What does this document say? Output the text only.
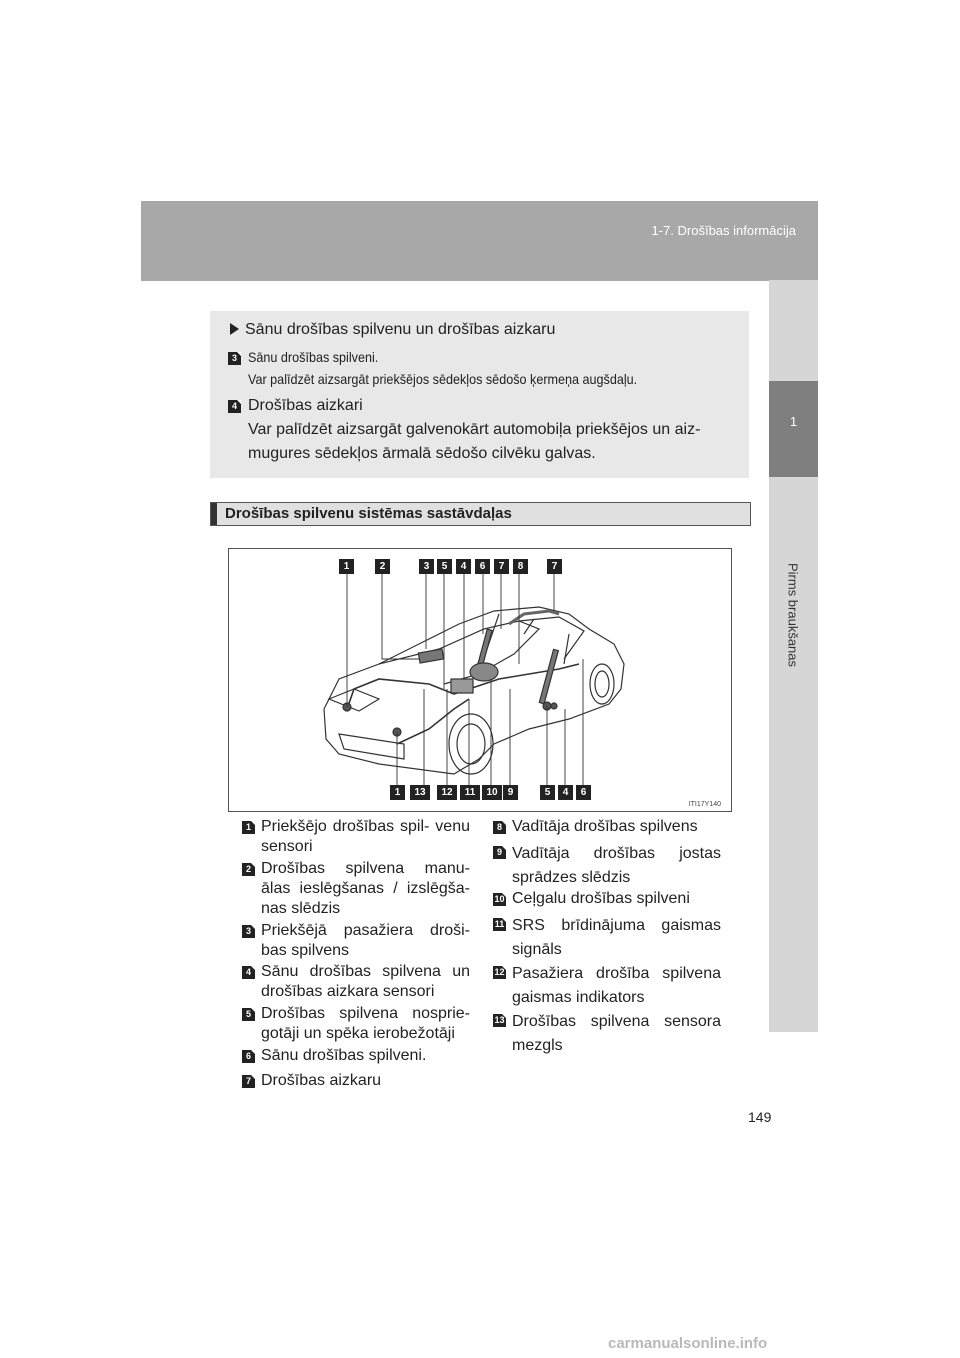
1-7. Drošības informācija
1
Pirms braukšanas
Sānu drošības spilvenu un drošības aizkaru
3 Sānu drošības spilveni.
Var palīdzēt aizsargāt priekšējos sēdekļos sēdošo ķermeņa augšdaļu.
4 Drošības aizkari
Var palīdzēt aizsargāt galvenokārt automobiļa priekšējos un aiz-
mugures sēdekļos ārmalā sēdošo cilvēku galvas.
Drošības spilvenu sistēmas sastāvdaļas
1	2	3	5	4	6	7	8	7
1	13	12	11	10	9	5	4	6
ITI17Y140
1 Priekšējo drošības spil- venu sensori
2 Drošības spilvena manu- ālas ieslēgšanas / izslēgša- nas slēdzis
3 Priekšējā pasažiera droši- bas spilvens
4 Sānu drošības spilvena un drošības aizkara sensori
5 Drošības spilvena nosprie- gotāji un spēka ierobežotāji
6 Sānu drošības spilveni.
7 Drošības aizkaru
8 Vadītāja drošības spilvens
9 Vadītāja drošības jostas sprādzes slēdzis
10 Ceļgalu drošības spilveni
11 SRS brīdinājuma gaismas signāls
12 Pasažiera drošība spilvena gaismas indikators
13 Drošības spilvena sensora mezgls
149
carmanualsonline.info
